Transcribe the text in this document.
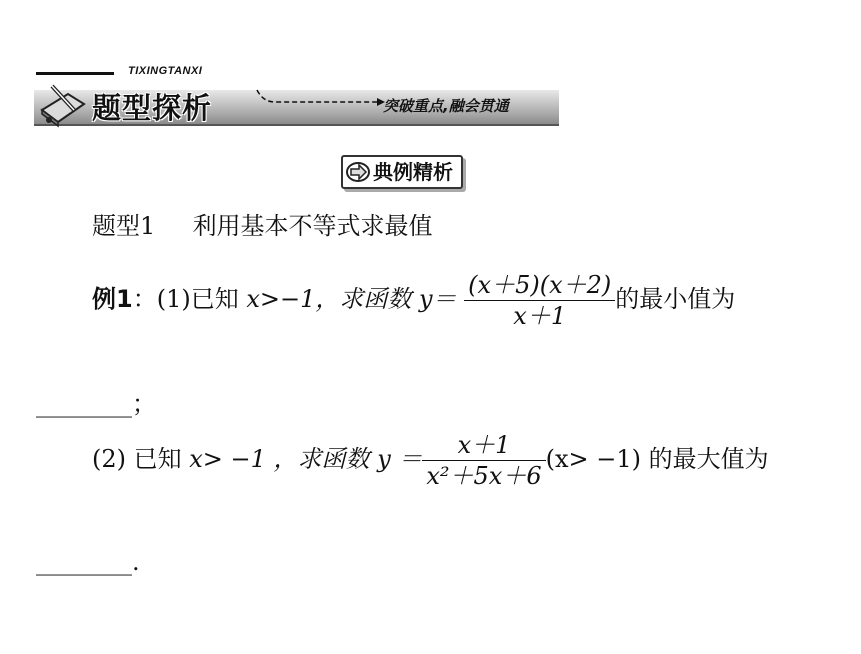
TIXINGTANXI
题型探析	突破重点,融会贯通
典例精析
题型1 利用基本不等式求最值
例1：(1)已知 x>−1，求函数 $y= \frac{(x+5)(x+2)}{x+1}$ 的最小值为
________；
(2) 已知 x> −1 ，求函数 $y = \frac{x+1}{\text{x²＋5x＋6}} (x> -1)$ 的最大值为
________.
